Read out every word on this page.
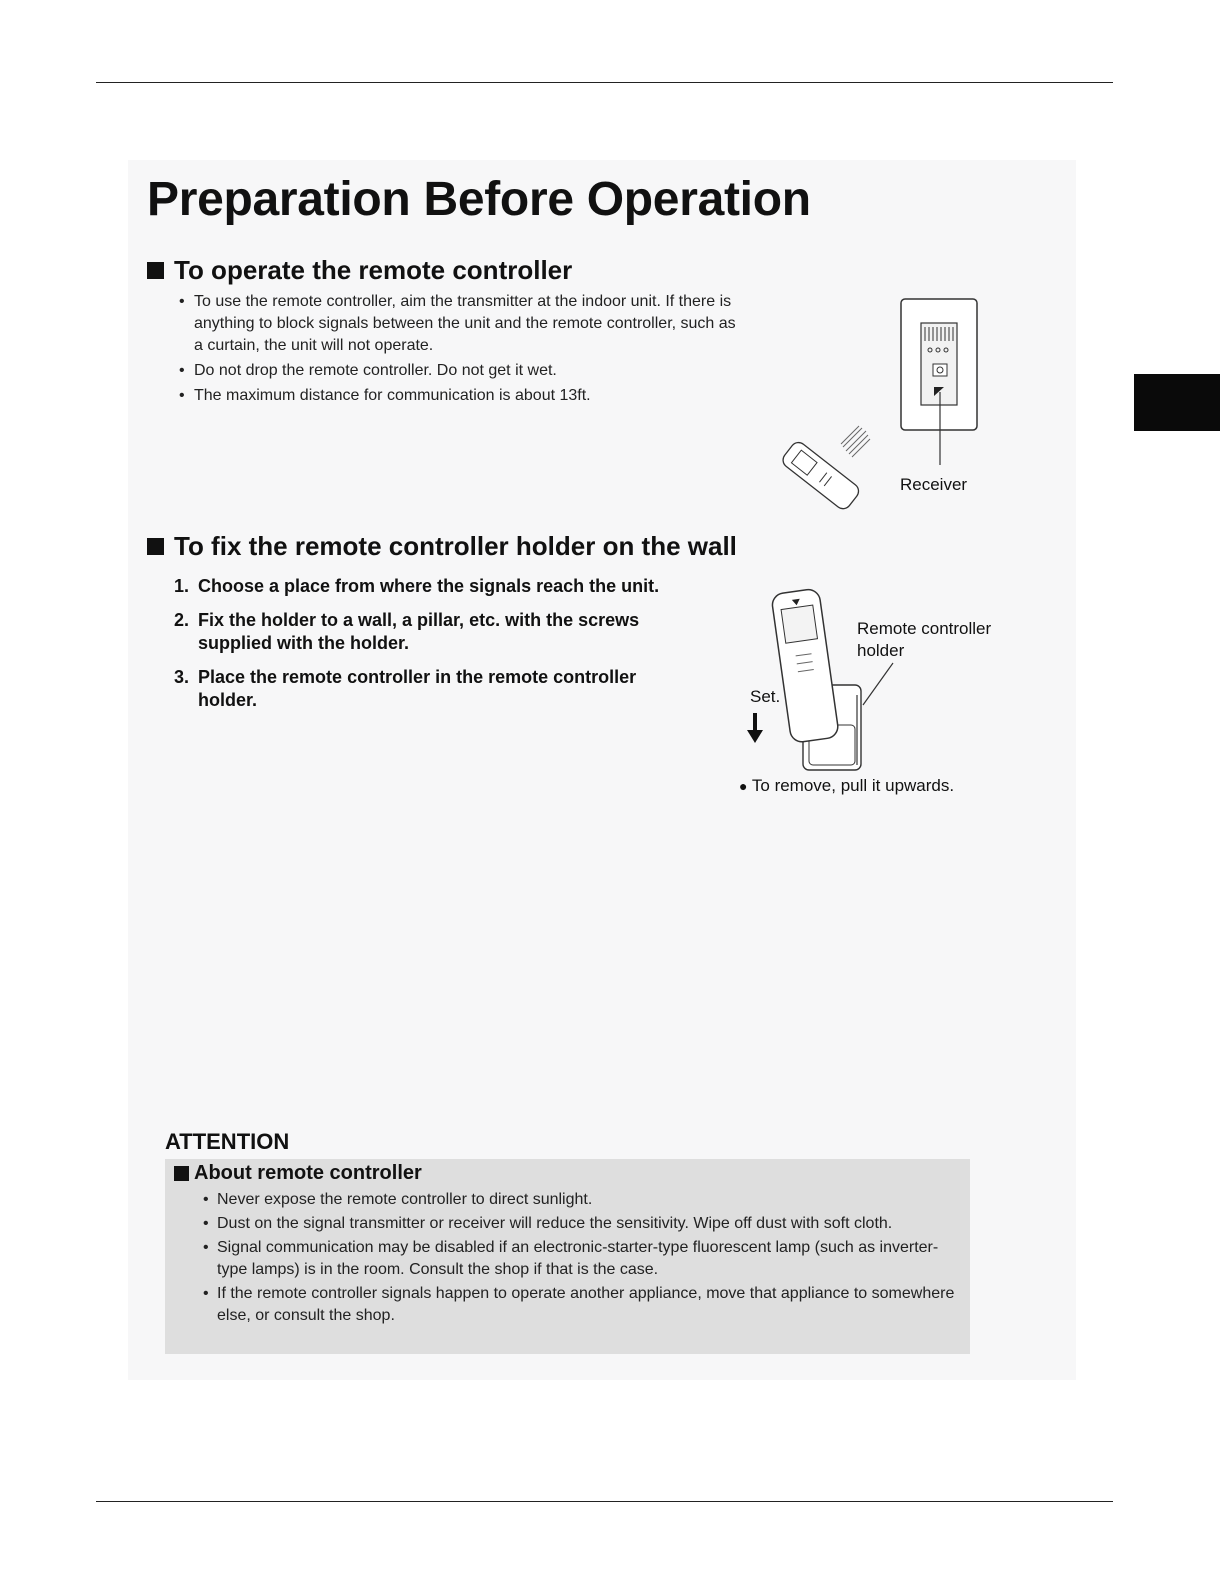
Preparation Before Operation
To operate the remote controller
• To use the remote controller, aim the transmitter at the indoor unit. If there is anything to block signals between the unit and the remote controller, such as a curtain, the unit will not operate.
• Do not drop the remote controller. Do not get it wet.
• The maximum distance for communication is about 13ft.
Receiver
To fix the remote controller holder on the wall
1. Choose a place from where the signals reach the unit.
2. Fix the holder to a wall, a pillar, etc. with the screws supplied with the holder.
3. Place the remote controller in the remote controller holder.
Remote controller holder
Set.
● To remove, pull it upwards.
ATTENTION
About remote controller
• Never expose the remote controller to direct sunlight.
• Dust on the signal transmitter or receiver will reduce the sensitivity. Wipe off dust with soft cloth.
• Signal communication may be disabled if an electronic-starter-type fluorescent lamp (such as inverter-type lamps) is in the room. Consult the shop if that is the case.
• If the remote controller signals happen to operate another appliance, move that appliance to somewhere else, or consult the shop.
